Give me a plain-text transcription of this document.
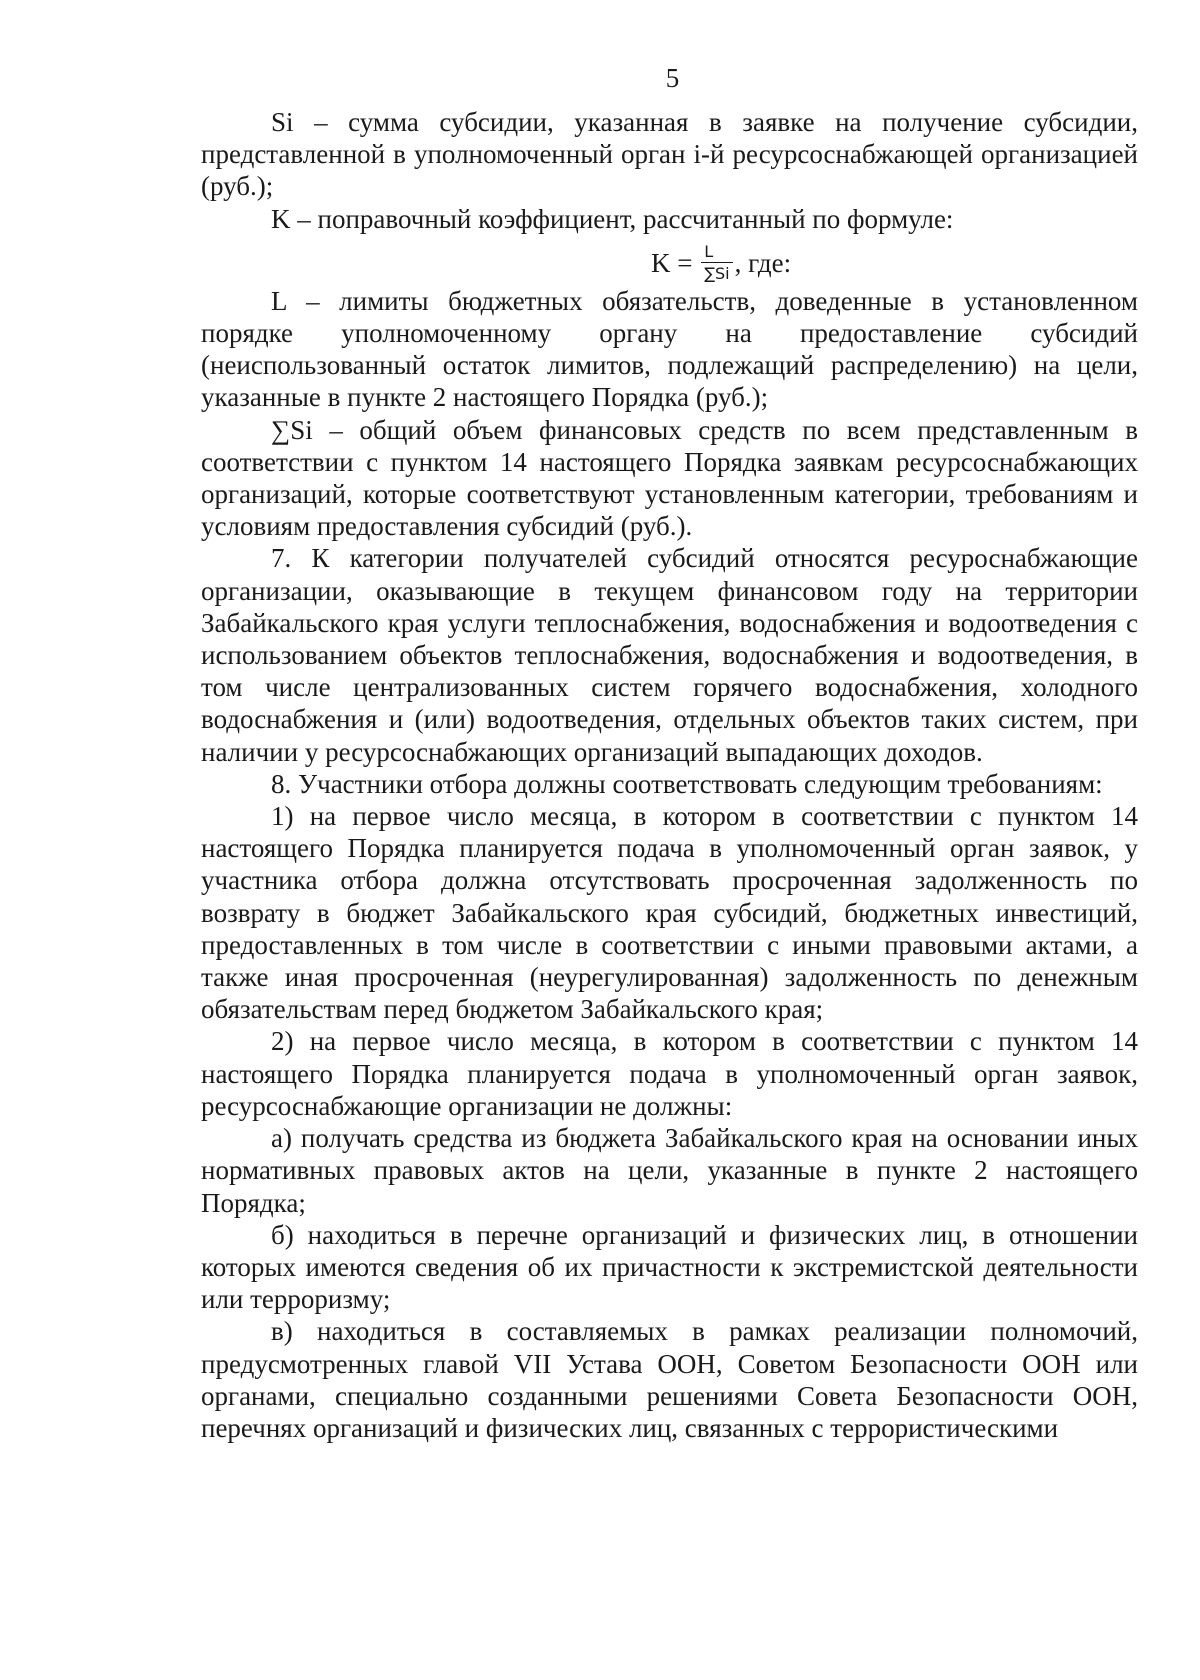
5

Si – сумма субсидии, указанная в заявке на получение субсидии, представленной в уполномоченный орган i-й ресурсоснабжающей организацией (руб.);

K – поправочный коэффициент, рассчитанный по формуле:

$K = \frac{L}{\sum Si}$ , где:

L – лимиты бюджетных обязательств, доведенные в установленном порядке уполномоченному органу на предоставление субсидий (неиспользованный остаток лимитов, подлежащий распределению) на цели, указанные в пункте 2 настоящего Порядка (руб.);

∑Si – общий объем финансовых средств по всем представленным в соответствии с пунктом 14 настоящего Порядка заявкам ресурсоснабжающих организаций, которые соответствуют установленным категории, требованиям и условиям предоставления субсидий (руб.).

7. К категории получателей субсидий относятся ресуроснабжающие организации, оказывающие в текущем финансовом году на территории Забайкальского края услуги теплоснабжения, водоснабжения и водоотведения с использованием объектов теплоснабжения, водоснабжения и водоотведения, в том числе централизованных систем горячего водоснабжения, холодного водоснабжения и (или) водоотведения, отдельных объектов таких систем, при наличии у ресурсоснабжающих организаций выпадающих доходов.

8. Участники отбора должны соответствовать следующим требованиям:

1) на первое число месяца, в котором в соответствии с пунктом 14 настоящего Порядка планируется подача в уполномоченный орган заявок, у участника отбора должна отсутствовать просроченная задолженность по возврату в бюджет Забайкальского края субсидий, бюджетных инвестиций, предоставленных в том числе в соответствии с иными правовыми актами, а также иная просроченная (неурегулированная) задолженность по денежным обязательствам перед бюджетом Забайкальского края;

2) на первое число месяца, в котором в соответствии с пунктом 14 настоящего Порядка планируется подача в уполномоченный орган заявок, ресурсоснабжающие организации не должны:

а) получать средства из бюджета Забайкальского края на основании иных нормативных правовых актов на цели, указанные в пункте 2 настоящего Порядка;

б) находиться в перечне организаций и физических лиц, в отношении которых имеются сведения об их причастности к экстремистской деятельности или терроризму;

в) находиться в составляемых в рамках реализации полномочий, предусмотренных главой VII Устава ООН, Советом Безопасности ООН или органами, специально созданными решениями Совета Безопасности ООН, перечнях организаций и физических лиц, связанных с террористическими
